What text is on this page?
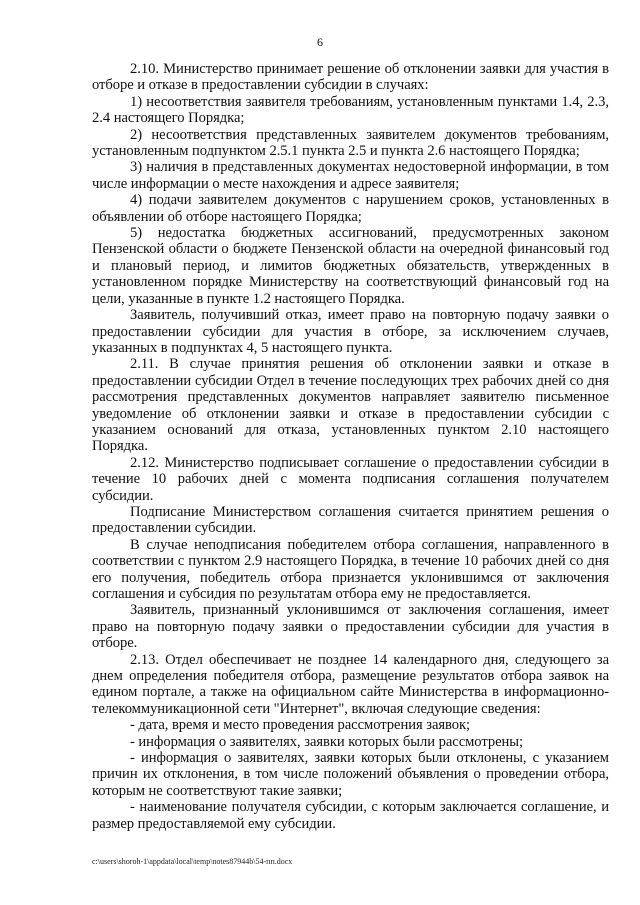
6

2.10. Министерство принимает решение об отклонении заявки для участия в отборе и отказе в предоставлении субсидии в случаях:

1) несоответствия заявителя требованиям, установленным пунктами 1.4, 2.3, 2.4 настоящего Порядка;

2) несоответствия представленных заявителем документов требованиям, установленным подпунктом 2.5.1 пункта 2.5 и пункта 2.6 настоящего Порядка;

3) наличия в представленных документах недостоверной информации, в том числе информации о месте нахождения и адресе заявителя;

4) подачи заявителем документов с нарушением сроков, установленных в объявлении об отборе настоящего Порядка;

5) недостатка бюджетных ассигнований, предусмотренных законом Пензенской области о бюджете Пензенской области на очередной финансовый год и плановый период, и лимитов бюджетных обязательств, утвержденных в установленном порядке Министерству на соответствующий финансовый год на цели, указанные в пункте 1.2 настоящего Порядка.

Заявитель, получивший отказ, имеет право на повторную подачу заявки о предоставлении субсидии для участия в отборе, за исключением случаев, указанных в подпунктах 4, 5 настоящего пункта.

2.11. В случае принятия решения об отклонении заявки и отказе в предоставлении субсидии Отдел в течение последующих трех рабочих дней со дня рассмотрения представленных документов направляет заявителю письменное уведомление об отклонении заявки и отказе в предоставлении субсидии с указанием оснований для отказа, установленных пунктом 2.10 настоящего Порядка.

2.12. Министерство подписывает соглашение о предоставлении субсидии в течение 10 рабочих дней с момента подписания соглашения получателем субсидии.

Подписание Министерством соглашения считается принятием решения о предоставлении субсидии.

В случае неподписания победителем отбора соглашения, направленного в соответствии с пунктом 2.9 настоящего Порядка, в течение 10 рабочих дней со дня его получения, победитель отбора признается уклонившимся от заключения соглашения и субсидия по результатам отбора ему не предоставляется.

Заявитель, признанный уклонившимся от заключения соглашения, имеет право на повторную подачу заявки о предоставлении субсидии для участия в отборе.

2.13. Отдел обеспечивает не позднее 14 календарного дня, следующего за днем определения победителя отбора, размещение результатов отбора заявок на едином портале, а также на официальном сайте Министерства в информационно-телекоммуникационной сети "Интернет", включая следующие сведения:

- дата, время и место проведения рассмотрения заявок;

- информация о заявителях, заявки которых были рассмотрены;

- информация о заявителях, заявки которых были отклонены, с указанием причин их отклонения, в том числе положений объявления о проведении отбора, которым не соответствуют такие заявки;

- наименование получателя субсидии, с которым заключается соглашение, и размер предоставляемой ему субсидии.

c:\users\shoroh-1\appdata\local\temp\notes87944b\54-пп.docx
